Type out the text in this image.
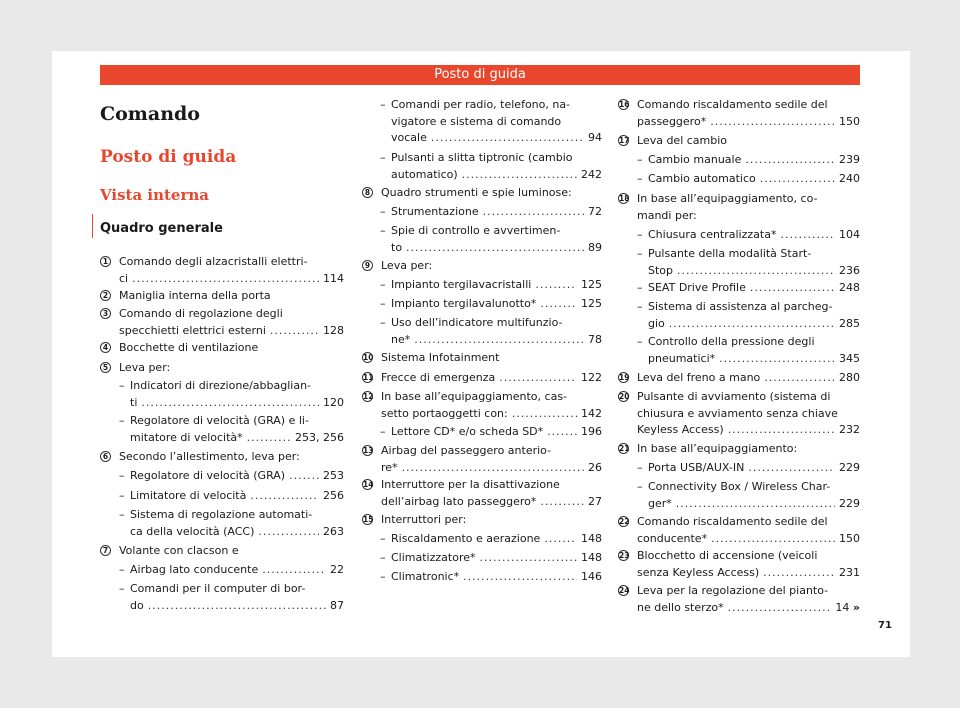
Posto di guida
Comando
Posto di guida
Vista interna
Quadro generale
1 Comando degli alzacristalli elettri-
ci .....	114
2 Maniglia interna della porta
3 Comando di regolazione degli
specchietti elettrici esterni .....	128
4 Bocchette di ventilazione
5 Leva per:
– Indicatori di direzione/abbaglian-
ti .....	120
– Regolatore di velocità (GRA) e li-
mitatore di velocità* .....	253, 256
6 Secondo l’allestimento, leva per:
– Regolatore di velocità (GRA) .....	253
– Limitatore di velocità .....	256
– Sistema di regolazione automati-
ca della velocità (ACC) .....	263
7 Volante con clacson e
– Airbag lato conducente .....	22
– Comandi per il computer di bor-
do .....	87
– Comandi per radio, telefono, na-
vigatore e sistema di comando
vocale .....	94
– Pulsanti a slitta tiptronic (cambio
automatico) .....	242
8 Quadro strumenti e spie luminose:
– Strumentazione .....	72
– Spie di controllo e avvertimen-
to .....	89
9 Leva per:
– Impianto tergilavacristalli .....	125
– Impianto tergilavalunotto* .....	125
– Uso dell’indicatore multifunzio-
ne* .....	78
10 Sistema Infotainment
11 Frecce di emergenza .....	122
12 In base all’equipaggiamento, cas-
setto portaoggetti con: .....	142
– Lettore CD* e/o scheda SD* .....	196
13 Airbag del passeggero anterio-
re* .....	26
14 Interruttore per la disattivazione
dell’airbag lato passeggero* .....	27
15 Interruttori per:
– Riscaldamento e aerazione .....	148
– Climatizzatore* .....	148
– Climatronic* .....	146
16 Comando riscaldamento sedile del
passeggero* .....	150
17 Leva del cambio
– Cambio manuale .....	239
– Cambio automatico .....	240
18 In base all’equipaggiamento, co-
mandi per:
– Chiusura centralizzata* .....	104
– Pulsante della modalità Start-
Stop .....	236
– SEAT Drive Profile .....	248
– Sistema di assistenza al parcheg-
gio .....	285
– Controllo della pressione degli
pneumatici* .....	345
19 Leva del freno a mano .....	280
20 Pulsante di avviamento (sistema di
chiusura e avviamento senza chiave
Keyless Access) .....	232
21 In base all’equipaggiamento:
– Porta USB/AUX-IN .....	229
– Connectivity Box / Wireless Char-
ger* .....	229
22 Comando riscaldamento sedile del
conducente* .....	150
23 Blocchetto di accensione (veicoli
senza Keyless Access) .....	231
24 Leva per la regolazione del pianto-
ne dello sterzo* .....	14
»
71
